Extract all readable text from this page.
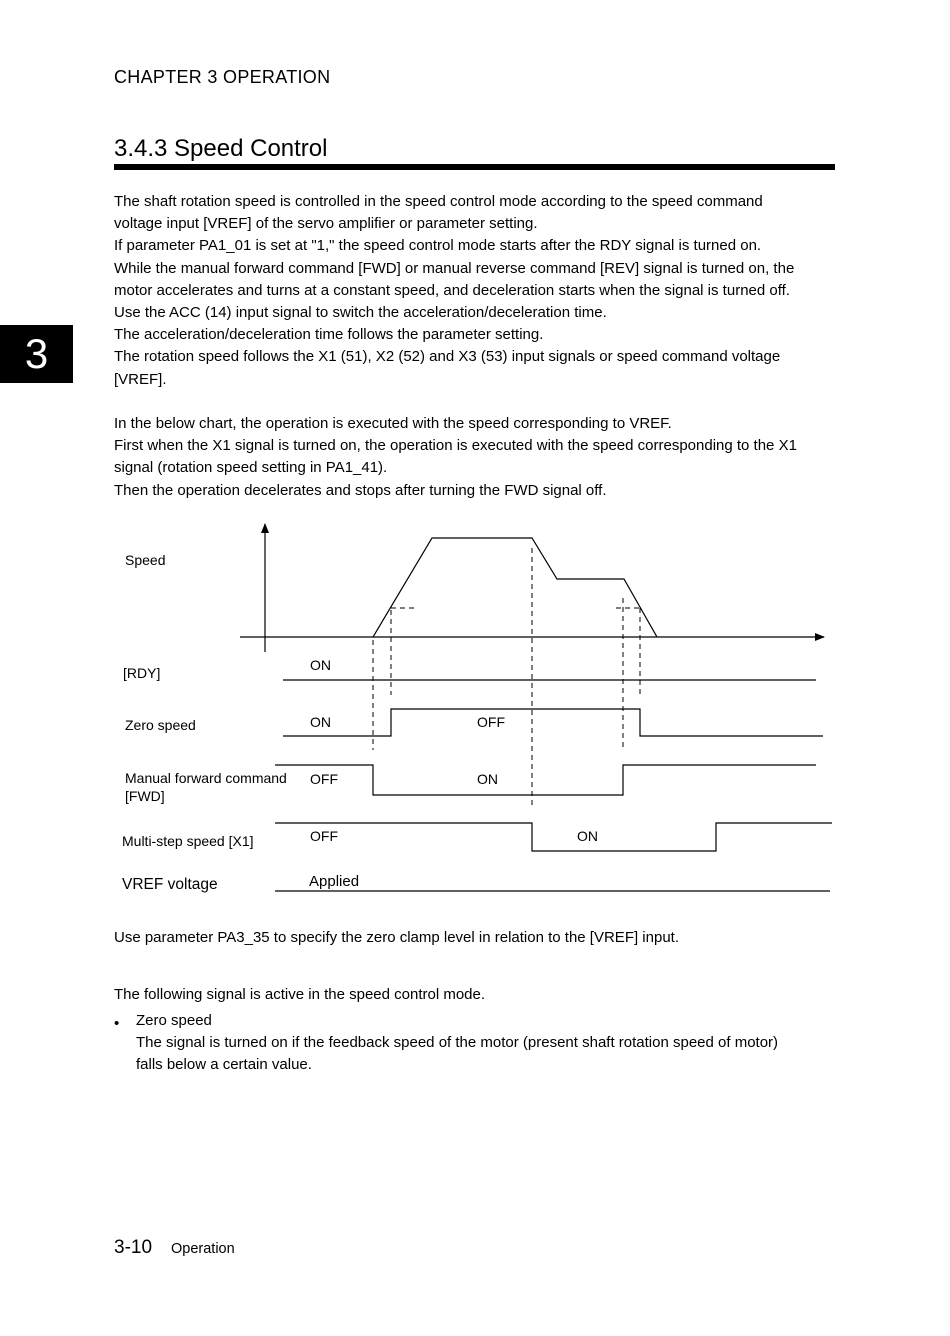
CHAPTER 3 OPERATION
3.4.3 Speed Control
3
The shaft rotation speed is controlled in the speed control mode according to the speed command
voltage input [VREF] of the servo amplifier or parameter setting.
If parameter PA1_01 is set at "1," the speed control mode starts after the RDY signal is turned on.
While the manual forward command [FWD] or manual reverse command [REV] signal is turned on, the
motor accelerates and turns at a constant speed, and deceleration starts when the signal is turned off.
Use the ACC (14) input signal to switch the acceleration/deceleration time.
The acceleration/deceleration time follows the parameter setting.
The rotation speed follows the X1 (51), X2 (52) and X3 (53) input signals or speed command voltage
[VREF].
In the below chart, the operation is executed with the speed corresponding to VREF.
First when the X1 signal is turned on, the operation is executed with the speed corresponding to the X1
signal (rotation speed setting in PA1_41).
Then the operation decelerates and stops after turning the FWD signal off.
Speed
[RDY]
Zero speed
Manual forward command
[FWD]
Multi-step speed [X1]
VREF voltage
ON
ON	OFF
OFF	ON
OFF	ON
Applied

Use parameter PA3_35 to specify the zero clamp level in relation to the [VREF] input.

The following signal is active in the speed control mode.

• Zero speed
The signal is turned on if the feedback speed of the motor (present shaft rotation speed of motor)
falls below a certain value.
3-10 Operation
